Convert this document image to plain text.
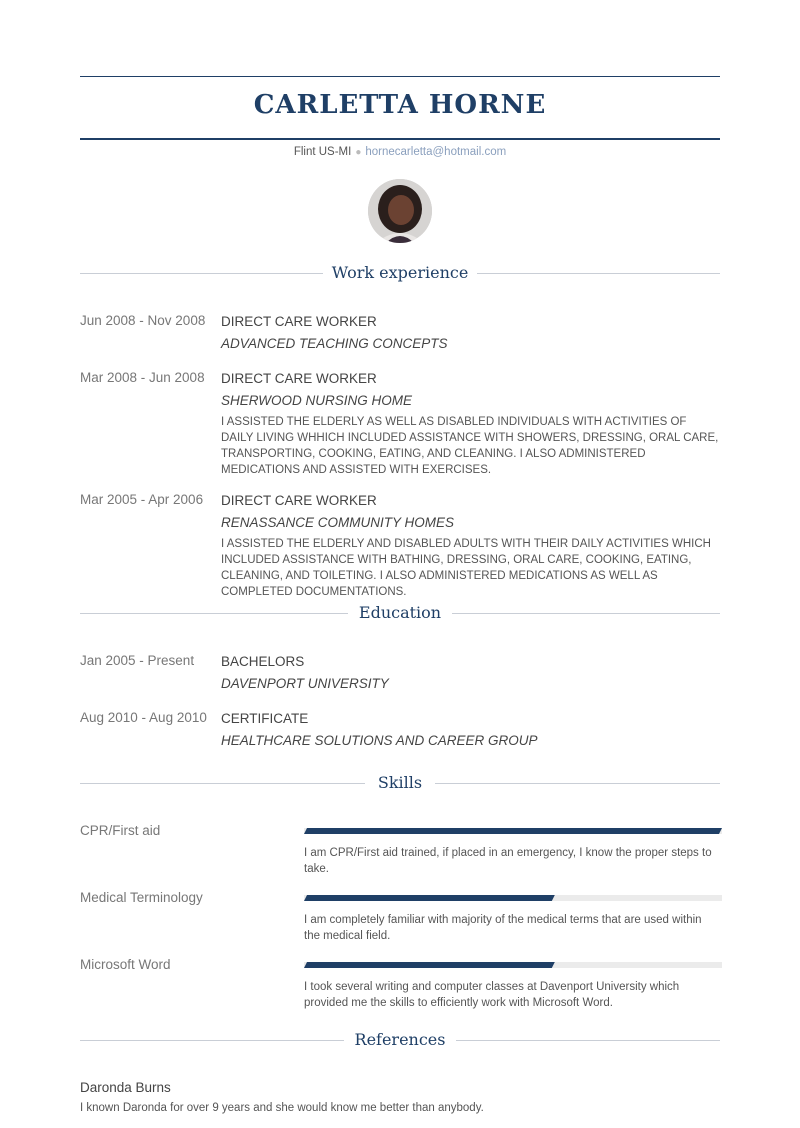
CARLETTA HORNE
Flint US-MI ● hornecarletta@hotmail.com
Work experience
Jun 2008 - Nov 2008 DIRECT CARE WORKER
ADVANCED TEACHING CONCEPTS
Mar 2008 - Jun 2008 DIRECT CARE WORKER
SHERWOOD NURSING HOME
I ASSISTED THE ELDERLY AS WELL AS DISABLED INDIVIDUALS WITH ACTIVITIES OF DAILY LIVING WHHICH INCLUDED ASSISTANCE WITH SHOWERS, DRESSING, ORAL CARE, TRANSPORTING, COOKING, EATING, AND CLEANING. I ALSO ADMINISTERED MEDICATIONS AND ASSISTED WITH EXERCISES.
Mar 2005 - Apr 2006 DIRECT CARE WORKER
RENASSANCE COMMUNITY HOMES
I ASSISTED THE ELDERLY AND DISABLED ADULTS WITH THEIR DAILY ACTIVITIES WHICH INCLUDED ASSISTANCE WITH BATHING, DRESSING, ORAL CARE, COOKING, EATING, CLEANING, AND TOILETING. I ALSO ADMINISTERED MEDICATIONS AS WELL AS COMPLETED DOCUMENTATIONS.
Education
Jan 2005 - Present BACHELORS
DAVENPORT UNIVERSITY
Aug 2010 - Aug 2010 CERTIFICATE
HEALTHCARE SOLUTIONS AND CAREER GROUP
Skills
CPR/First aid
I am CPR/First aid trained, if placed in an emergency, I know the proper steps to take.
Medical Terminology
I am completely familiar with majority of the medical terms that are used within the medical field.
Microsoft Word
I took several writing and computer classes at Davenport University which provided me the skills to efficiently work with Microsoft Word.
References
Daronda Burns
I known Daronda for over 9 years and she would know me better than anybody.
